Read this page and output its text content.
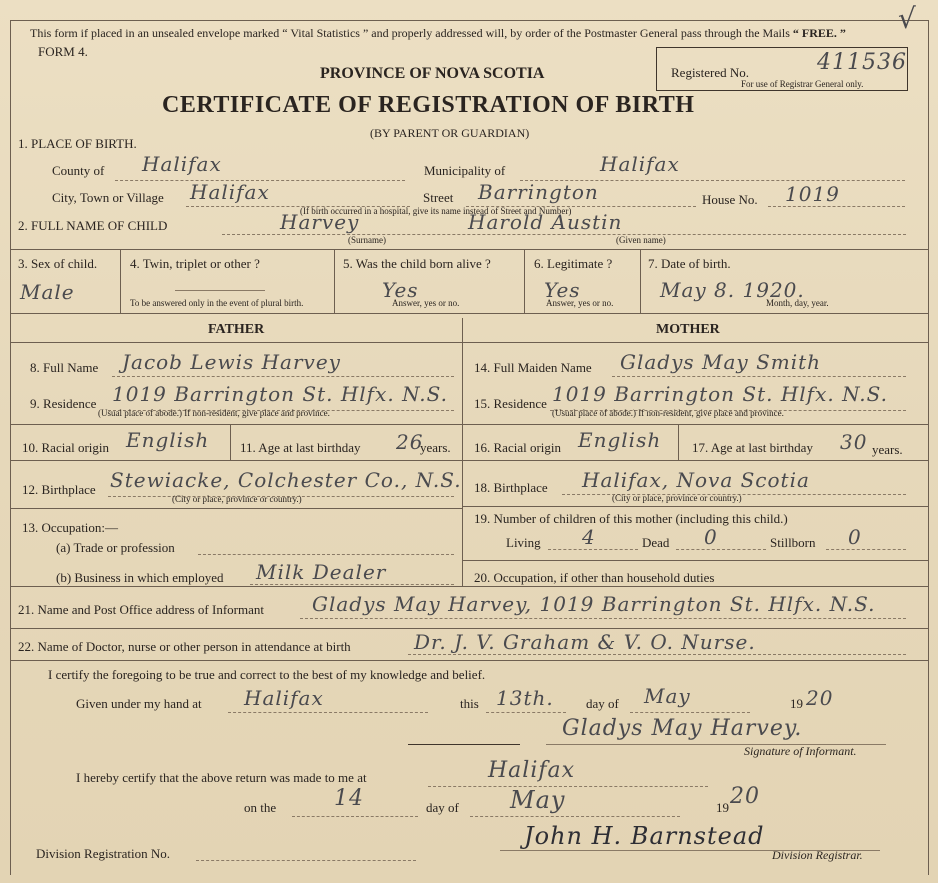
This form if placed in an unsealed envelope marked “ Vital Statistics ” and properly addressed will, by order of the Postmaster General pass through the Mails “ FREE. ” √
FORM 4.
PROVINCE OF NOVA SCOTIA	Registered No.	411536
For use of Registrar General only.
CERTIFICATE OF REGISTRATION OF BIRTH
(BY PARENT OR GUARDIAN)
1. PLACE OF BIRTH.
County of Halifax	Municipality of	Halifax
City, Town or Village Halifax	Street Barrington
(If birth occurred in a hospital, give its name instead of Street and Number)
House No. 1019
2. FULL NAME OF CHILD	Harvey
(Surname)
Harold Austin
(Given name)
3. Sex of child.
Male
4. Twin, triplet or other ?
To be answered only in the event of plural birth.
5. Was the child born alive ?
Yes
Answer, yes or no.
6. Legitimate ?
Yes
Answer, yes or no.
7. Date of birth.
May 8. 1920.
Month, day, year.
FATHER	MOTHER
8. Full Name Jacob Lewis Harvey
9. Residence 1019 Barrington St. Hlfx. N.S.
(Usual place of abode.) If non-resident, give place and province.
10. Racial origin English 11. Age at last birthday 26
years.
12. Birthplace Stewiacke, Colchester Co., N.S.
(City or place, province or country.)
13. Occupation:—
(a) Trade or profession
(b) Business in which employed Milk Dealer
14. Full Maiden Name Gladys May Smith
15. Residence 1019 Barrington St. Hlfx. N.S.
(Usual place of abode.) If non-resident, give place and province.
16. Racial origin English 17. Age at last birthday 30 years.
18. Birthplace Halifax, Nova Scotia
(City or place, province or country.)
19. Number of children of this mother (including this child.)
Living 4	Dead 0	Stillborn 0
20. Occupation, if other than household duties
21. Name and Post Office address of Informant Gladys May Harvey, 1019 Barrington St. Hlfx. N.S.
22. Name of Doctor, nurse or other person in attendance at birth	Dr. J. V. Graham & V. O. Nurse.
I certify the foregoing to be true and correct to the best of my knowledge and belief.
Given under my hand at Halifax	this 13th. day of May	19 20
Gladys May Harvey.
Signature of Informant.
I hereby certify that the above return was made to me at	Halifax
on the	14	day of May	19 20
John H. Barnstead
Division Registrar.
Division Registration No.
